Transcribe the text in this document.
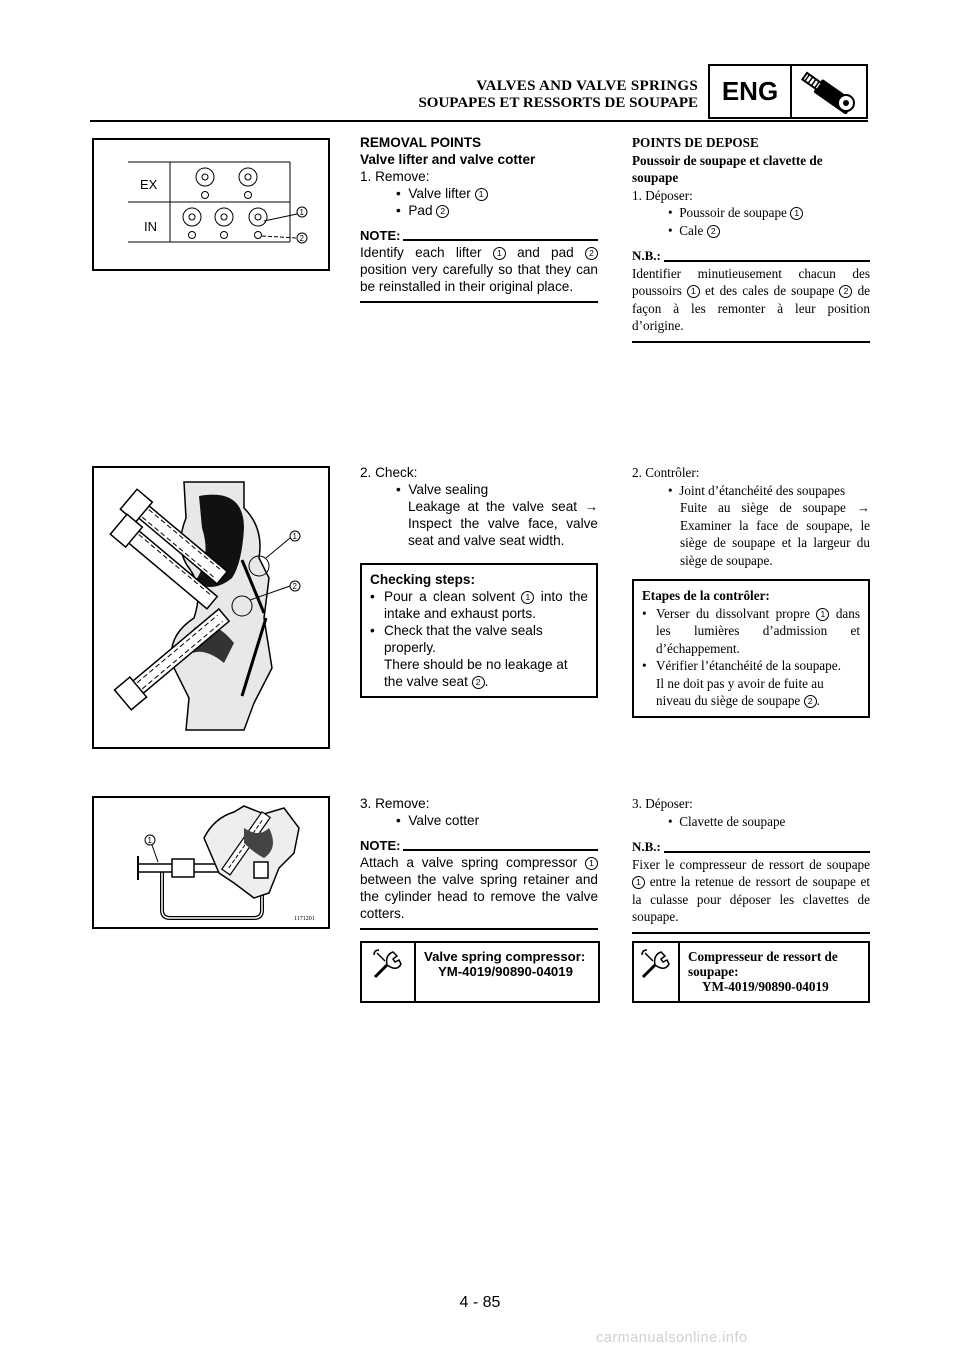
VALVES AND VALVE SPRINGS
SOUPAPES ET RESSORTS DE SOUPAPE ENG
EX
IN
1
2
REMOVAL POINTS
Valve lifter and valve cotter
1. Remove:
•  Valve lifter 1
•  Pad 2
NOTE:
Identify each lifter 1 and pad 2 position very carefully so that they can be reinstalled in their original place.
POINTS DE DEPOSE
Poussoir de soupape et clavette de soupape
1. Déposer:
•  Poussoir de soupape 1
•  Cale 2
N.B.:
Identifier minutieusement chacun des poussoirs 1 et des cales de soupape 2 de façon à les remonter à leur position d’origine.
1
2
2. Check:
•  Valve sealing
Leakage at the valve seat → Inspect the valve face, valve seat and valve seat width.
Checking steps:
• Pour a clean solvent 1 into the intake and exhaust ports.
• Check that the valve seals properly.
There should be no leakage at the valve seat 2 .
2. Contrôler:
•  Joint d’étanchéité des soupapes
Fuite au siège de soupape → Examiner la face de soupape, le siège de soupape et la largeur du siège de soupape.
Etapes de la contrôler:
• Verser du dissolvant propre 1 dans les lumières d’admission et d’échappement.
• Vérifier l’étanchéité de la soupape.
Il ne doit pas y avoir de fuite au niveau du siège de soupape 2 .
1
1171201
3. Remove:
•  Valve cotter
NOTE:
Attach a valve spring compressor 1 between the valve spring retainer and the cylinder head to remove the valve cotters.
Valve spring compressor:
YM-4019/90890-04019
3. Déposer:
•  Clavette de soupape
N.B.:
Fixer le compresseur de ressort de soupape 1 entre la retenue de ressort de soupape et la culasse pour déposer les clavettes de soupape.
Compresseur de ressort de soupape:
YM-4019/90890-04019
4 - 85
carmanualsonline.info
